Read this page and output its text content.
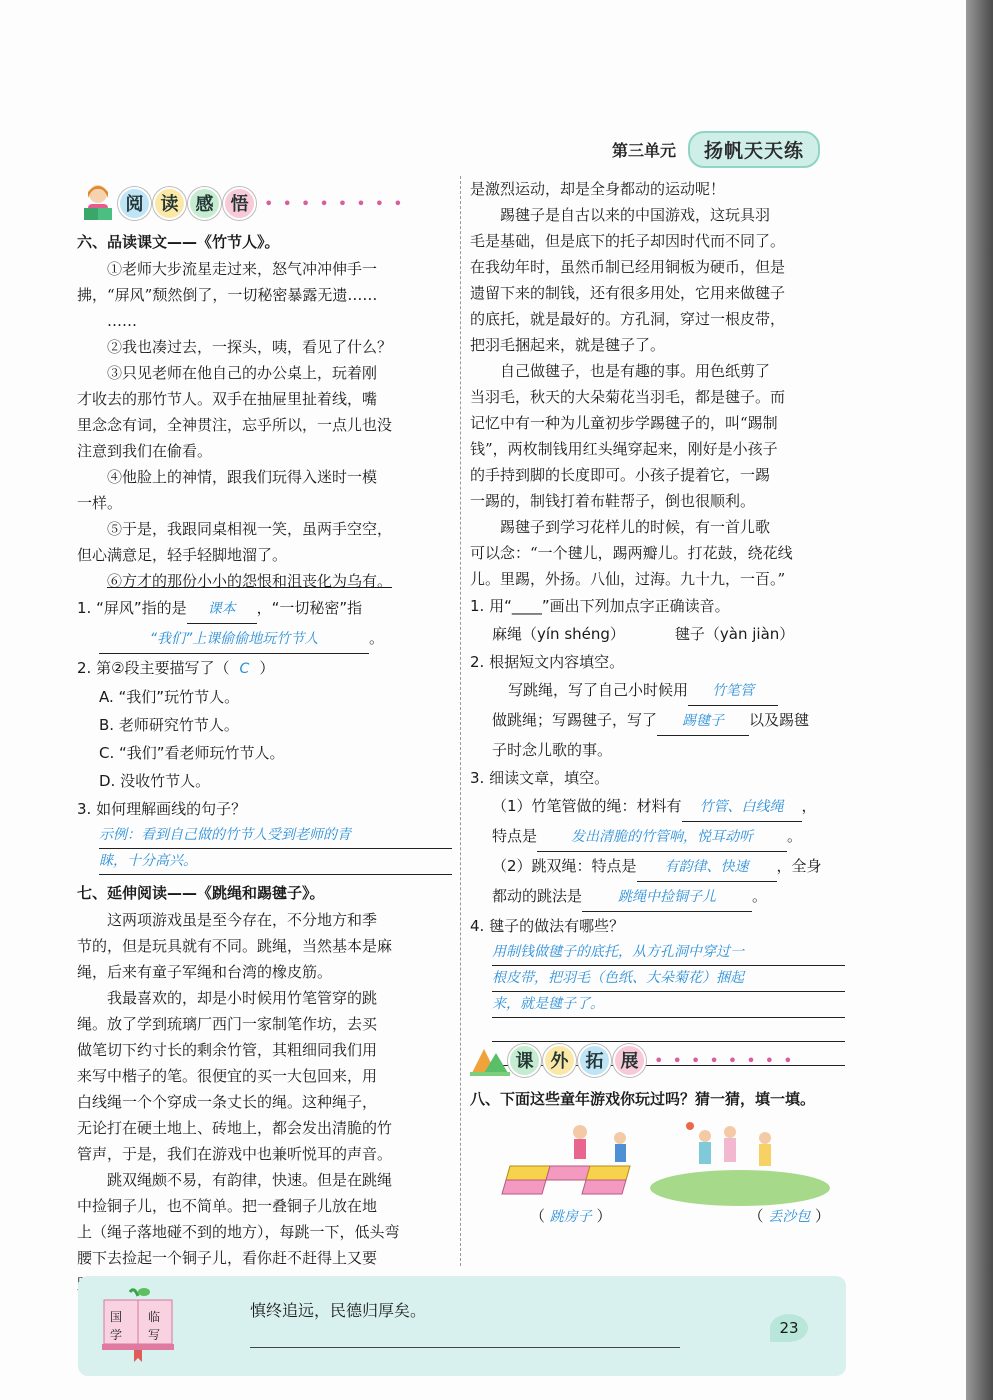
第三单元	扬帆天天练
阅 读 感 悟 ••••••••
六、品读课文——《竹节人》。
①老师大步流星走过来，怒气冲冲伸手一
拂，“屏风”颓然倒了，一切秘密暴露无遗……
……
②我也凑过去，一探头，咦，看见了什么？
③只见老师在他自己的办公桌上，玩着刚
才收去的那竹节人。双手在抽屉里扯着线，嘴
里念念有词，全神贯注，忘乎所以，一点儿也没
注意到我们在偷看。
④他脸上的神情，跟我们玩得入迷时一模
一样。
⑤于是，我跟同桌相视一笑，虽两手空空，
但心满意足，轻手轻脚地溜了。
⑥方才的那份小小的怨恨和沮丧化为乌有。
1. “屏风”指的是 课本 ，“一切秘密”指
“我们”上课偷偷地玩竹节人	。
2. 第②段主要描写了（ C ）
A. “我们”玩竹节人。
B. 老师研究竹节人。
C. “我们”看老师玩竹节人。
D. 没收竹节人。
3. 如何理解画线的句子？
示例：看到自己做的竹节人受到老师的青
睐，十分高兴。
七、延伸阅读——《跳绳和踢毽子》。
这两项游戏虽是至今存在，不分地方和季
节的，但是玩具就有不同。跳绳，当然基本是麻
绳，后来有童子军绳和台湾的橡皮筋。
我最喜欢的，却是小时候用竹笔管穿的跳
绳。放了学到琉璃厂西门一家制笔作坊，去买
做笔切下约寸长的剩余竹管，其粗细同我们用
来写中楷子的笔。很便宜的买一大包回来，用
白线绳一个个穿成一条丈长的绳。这种绳子，
无论打在硬土地上、砖地上，都会发出清脆的竹
管声，于是，我们在游戏中也兼听悦耳的声音。
跳双绳颇不易，有韵律，快速。但是在跳绳
中捡铜子儿，也不简单。把一叠铜子儿放在地
上（绳子落地碰不到的地方），每跳一下，低头弯
腰下去捡起一个铜子儿，看你赶不赶得上又要
是激烈运动，却是全身都动的运动呢！
踢毽子是自古以来的中国游戏，这玩具羽
毛是基础，但是底下的托子却因时代而不同了。
在我幼年时，虽然币制已经用铜板为硬币，但是
遗留下来的制钱，还有很多用处，它用来做毽子
的底托，就是最好的。方孔洞，穿过一根皮带，
把羽毛捆起来，就是毽子了。
自己做毽子，也是有趣的事。用色纸剪了
当羽毛，秋天的大朵菊花当羽毛，都是毽子。而
记忆中有一种为儿童初步学踢毽子的，叫“踢制
钱”，两枚制钱用红头绳穿起来，刚好是小孩子
的手持到脚的长度即可。小孩子提着它，一踢
一踢的，制钱打着布鞋帮子，倒也很顺利。
踢毽子到学习花样儿的时候，有一首儿歌
可以念：“一个毽儿，踢两瓣儿。打花鼓，绕花线
儿。里踢，外扬。八仙，过海。九十九，一百。”
1. 用“____”画出下列加点字正确读音。
麻绳（yín shéng）	毽子（yàn jiàn）
2. 根据短文内容填空。
写跳绳，写了自己小时候用 竹笔管
做跳绳；写踢毽子，写了 踢毽子 以及踢毽
子时念儿歌的事。
3. 细读文章，填空。
（1）竹笔管做的绳：材料有 竹管、白线绳 ，
特点是 发出清脆的竹管响，悦耳动听 。
（2）跳双绳：特点是 有韵律、快速 ，全身
都动的跳法是	跳绳中捡铜子儿 。
4. 毽子的做法有哪些？
用制钱做毽子的底托，从方孔洞中穿过一
根皮带，把羽毛（色纸、大朵菊花）捆起
来，就是毽子了。
课 外 拓 展 ••••••••
八、下面这些童年游戏你玩过吗？猜一猜，填一填。
（ 跳房子 ）	（ 丢沙包 ）
国 临
学 写
慎终追远，民德归厚矣。
23
